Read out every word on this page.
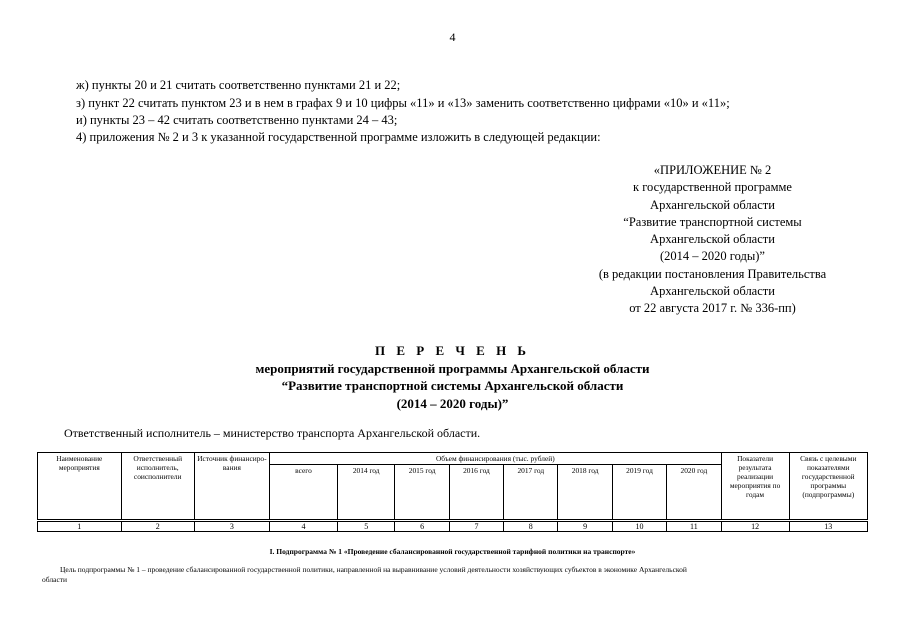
4
ж) пункты 20 и 21 считать соответственно пунктами 21 и 22;
з) пункт 22 считать пунктом 23 и в нем в графах 9 и 10 цифры «11» и «13» заменить соответственно цифрами «10» и «11»;
и) пункты 23 – 42 считать соответственно пунктами 24 – 43;
4) приложения № 2 и 3 к указанной государственной программе изложить в следующей редакции:
«ПРИЛОЖЕНИЕ № 2
к государственной программе
Архангельской области
“Развитие транспортной системы
Архангельской области
(2014 – 2020 годы)”
(в редакции постановления Правительства
Архангельской области
от 22 августа 2017 г. № 336-пп)
П Е Р Е Ч Е Н Ь
мероприятий государственной программы Архангельской области
“Развитие транспортной системы Архангельской области
(2014 – 2020 годы)”
Ответственный исполнитель – министерство транспорта Архангельской области.
Наименование мероприятия	Ответственный исполнитель, соисполнители	Источник финансиро-вания	Объем финансирования (тыс. рублей)								Показатели результата реализации мероприятия по годам	Связь с целевыми показателями государственной программы (подпрограммы)
			всего	2014 год	2015 год	2016 год	2017 год	2018 год	2019 год	2020 год		

1	2	3	4	5	6	7	8	9	10	11	12	13
I. Подпрограмма № 1 «Проведение сбалансированной государственной тарифной политики на транспорте»
Цель подпрограммы № 1 – проведение сбалансированной государственной политики, направленной на выравнивание условий деятельности хозяйствующих субъектов в экономике Архангельской
области
